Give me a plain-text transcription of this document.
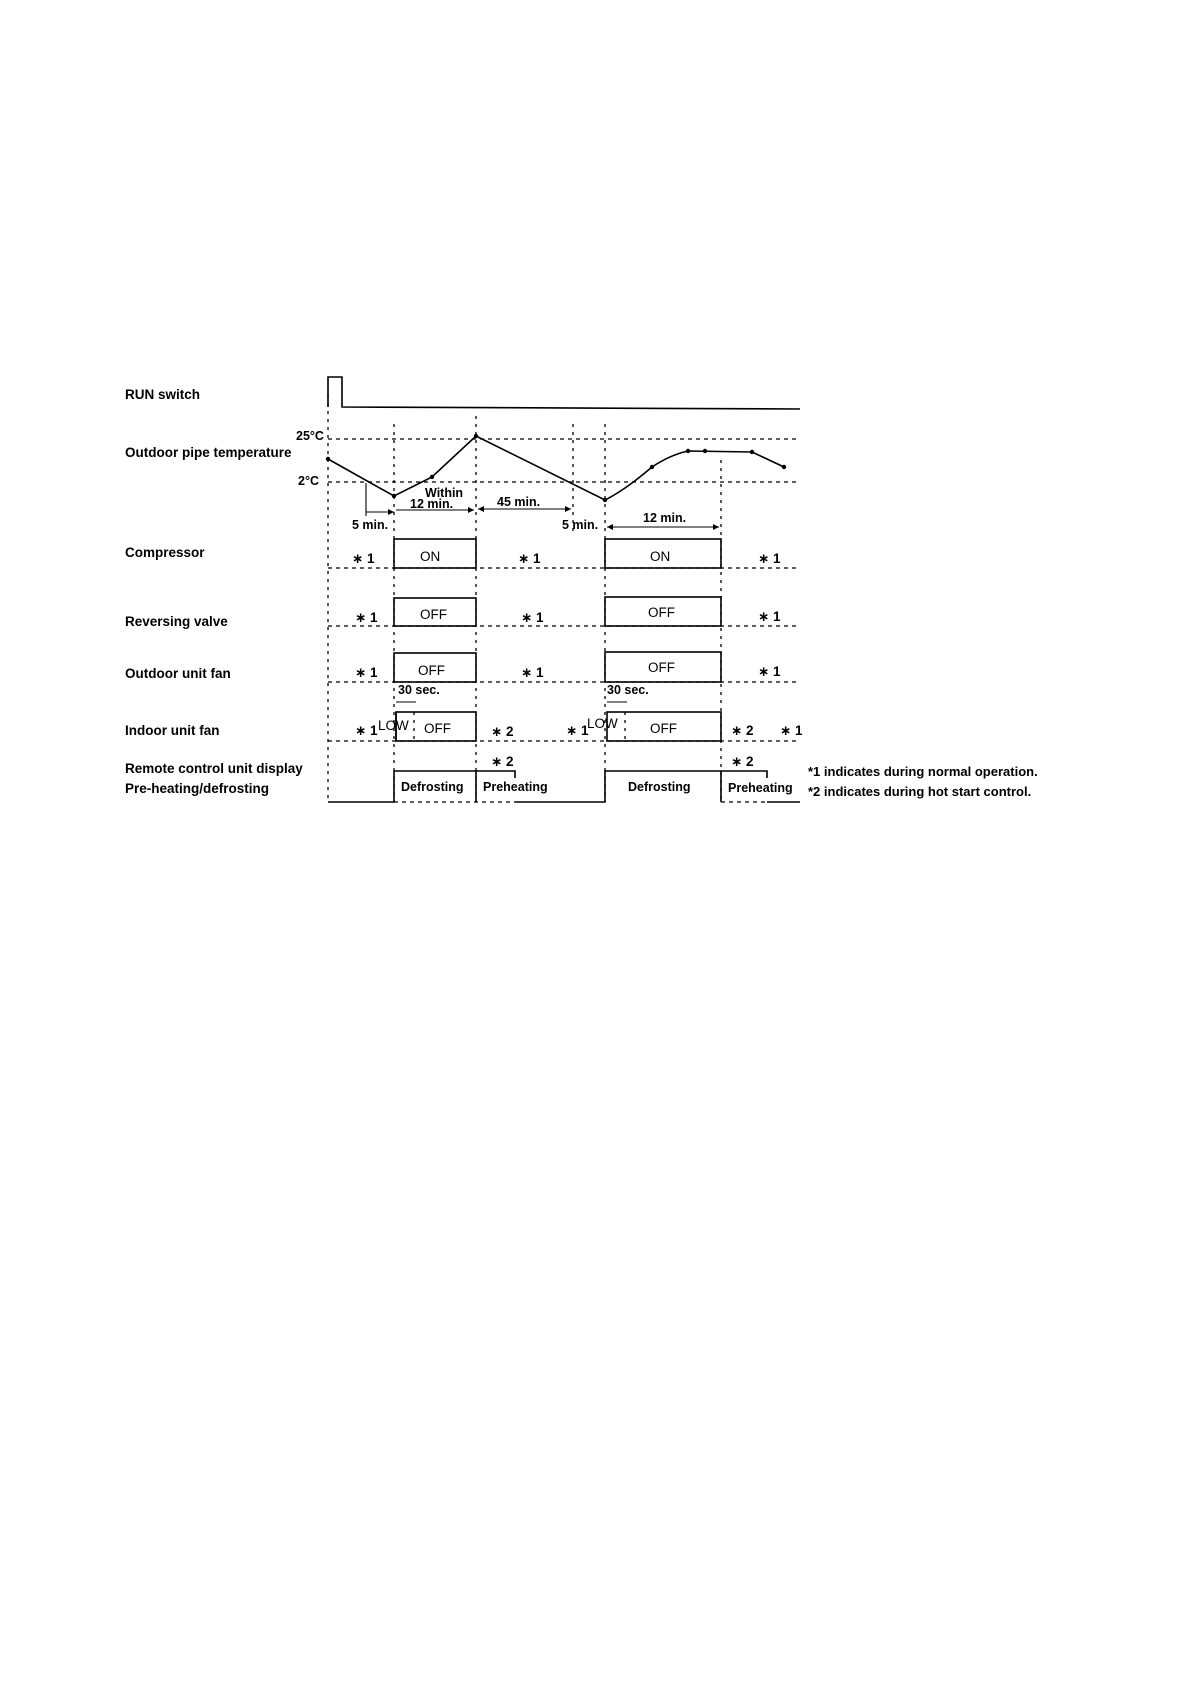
RUN switch
Outdoor pipe temperature
Compressor
Reversing valve
Outdoor unit fan
Indoor unit fan
Remote control unit display
Pre-heating/defrosting
25°C
2°C
5 min.
Within
12 min.	45 min.
5 min.	12 min.
ON	ON
∗ 1	∗ 1	∗ 1
OFF	OFF
∗ 1	∗ 1	∗ 1
OFF	OFF
∗ 1	∗ 1	∗ 1
30 sec.	30 sec.
LOW	LOW
OFF	OFF
∗ 1	∗ 2	∗ 1	∗ 2 ∗ 1
∗ 2	∗ 2
Defrosting Preheating	Defrosting	Preheating
*1 indicates during normal operation.
*2 indicates during hot start control.
